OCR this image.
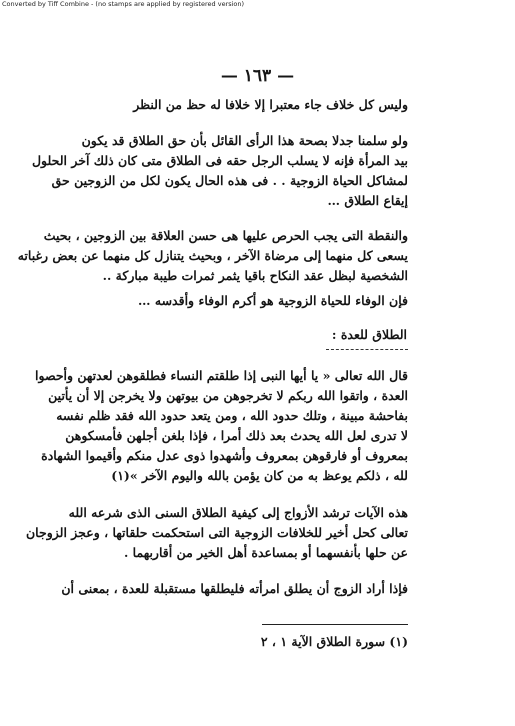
Converted by Tiff Combine - (no stamps are applied by registered version)
— ١٦٣ —
وليس كل خلاف جاء معتبرا إلا خلافا له حظ من النظر
ولو سلمنا جدلا بصحة هذا الرأى القائل بأن حق الطلاق قد يكون
بيد المرأة فإنه لا يسلب الرجل حقه فى الطلاق متى كان ذلك آخر الحلول
لمشاكل الحياة الزوجية . . فى هذه الحال يكون لكل من الزوجين حق
إيقاع الطلاق …
والنقطة التى يجب الحرص عليها هى حسن العلاقة بين الزوجين ، بحيث
يسعى كل منهما إلى مرضاة الآخر ، وبحيث يتنازل كل منهما عن بعض رغباته
الشخصية لبظل عقد النكاح باقيا يثمر ثمرات طيبة مباركة ..
فإن الوفاء للحياة الزوجية هو أكرم الوفاء وأقدسه …
الطلاق للعدة :
قال الله تعالى « يا أيها النبى إذا طلقتم النساء فطلقوهن لعدتهن وأحصوا
العدة ، واتقوا الله ربكم لا تخرجوهن من بيوتهن ولا يخرجن إلا أن يأتين
بفاحشة مبينة ، وتلك حدود الله ، ومن يتعد حدود الله فقد ظلم نفسه
لا تدرى لعل الله يحدث بعد ذلك أمرا ، فإذا بلغن أجلهن فأمسكوهن
بمعروف أو فارقوهن بمعروف وأشهدوا ذوى عدل منكم وأقيموا الشهادة
لله ، ذلكم يوعظ به من كان يؤمن بالله واليوم الآخر »(١)
هذه الآيات ترشد الأزواج إلى كيفية الطلاق السنى الذى شرعه الله
تعالى كحل أخير للخلافات الزوجية التى استحكمت حلقاتها ، وعجز الزوجان
عن حلها بأنفسهما أو بمساعدة أهل الخير من أقاربهما .
فإذا أراد الزوج أن يطلق امرأته فليطلقها مستقبلة للعدة ، بمعنى أن
(١) سورة الطلاق الآية ١ ، ٢
